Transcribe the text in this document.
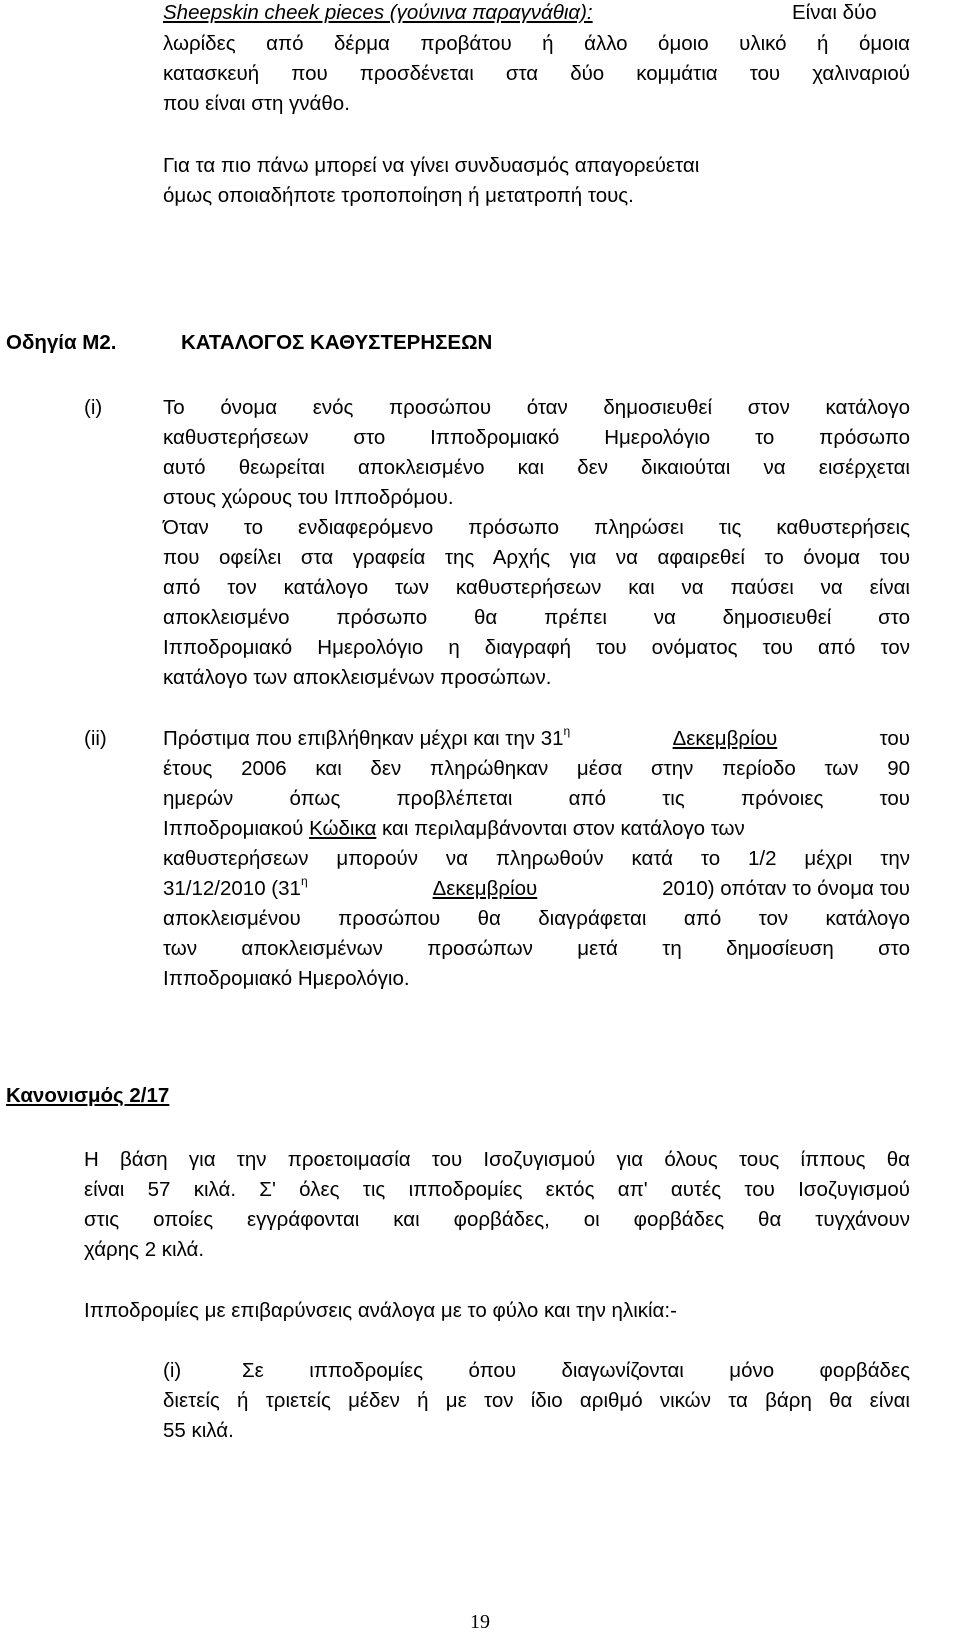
Sheepskin cheek pieces (γούνινα παραγνάθια):	Είναι δύο
λωρίδες από δέρμα προβάτου ή άλλο όμοιο υλικό ή όμοια
κατασκευή που προσδένεται στα δύο κομμάτια του χαλιναριού
που είναι στη γνάθο.
Για τα πιο πάνω μπορεί να γίνει συνδυασμός απαγορεύεται
όμως οποιαδήποτε τροποποίηση ή μετατροπή τους.
Οδηγία Μ2.	ΚΑΤΑΛΟΓΟΣ ΚΑΘΥΣΤΕΡΗΣΕΩΝ
(i)	Το όνομα ενός προσώπου όταν δημοσιευθεί στον κατάλογο
καθυστερήσεων στο Ιπποδρομιακό Ημερολόγιο το πρόσωπο
αυτό θεωρείται αποκλεισμένο και δεν δικαιούται να εισέρχεται
στους χώρους του Ιπποδρόμου.
Όταν το ενδιαφερόμενο πρόσωπο πληρώσει τις καθυστερήσεις
που οφείλει στα γραφεία της Αρχής για να αφαιρεθεί το όνομα του
από τον κατάλογο των καθυστερήσεων και να παύσει να είναι
αποκλεισμένο πρόσωπο θα πρέπει να δημοσιευθεί στο
Ιπποδρομιακό Ημερολόγιο η διαγραφή του ονόματος του από τον
κατάλογο των αποκλεισμένων προσώπων.
(ii)	Πρόστιμα που επιβλήθηκαν μέχρι και την $31^\eta$	Δεκεμβρίου	του
έτους 2006 και δεν πληρώθηκαν μέσα στην περίοδο των 90
ημερών όπως προβλέπεται από τις πρόνοιες του
Ιπποδρομιακού Κώδικα και περιλαμβάνονται στον κατάλογο των
καθυστερήσεων μπορούν να πληρωθούν κατά το 1/2 μέχρι την
31/12/2010 ($31^\eta$	Δεκεμβρίου	2010) οπόταν το όνομα του
αποκλεισμένου προσώπου θα διαγράφεται από τον κατάλογο
των αποκλεισμένων προσώπων μετά τη δημοσίευση στο
Ιπποδρομιακό Ημερολόγιο.
Κανονισμός 2/17
Η βάση για την προετοιμασία του Ισοζυγισμού για όλους τους ίππους θα
είναι 57 κιλά. Σ' όλες τις ιπποδρομίες εκτός απ' αυτές του Ισοζυγισμού
στις οποίες εγγράφονται και φορβάδες, οι φορβάδες θα τυγχάνουν
χάρης 2 κιλά.
Ιπποδρομίες με επιβαρύνσεις ανάλογα με το φύλο και την ηλικία:-
(i)	Σε ιπποδρομίες όπου διαγωνίζονται μόνο φορβάδες
διετείς ή τριετείς μέδεν ή με τον ίδιο αριθμό νικών τα βάρη θα είναι
55 κιλά.
19
